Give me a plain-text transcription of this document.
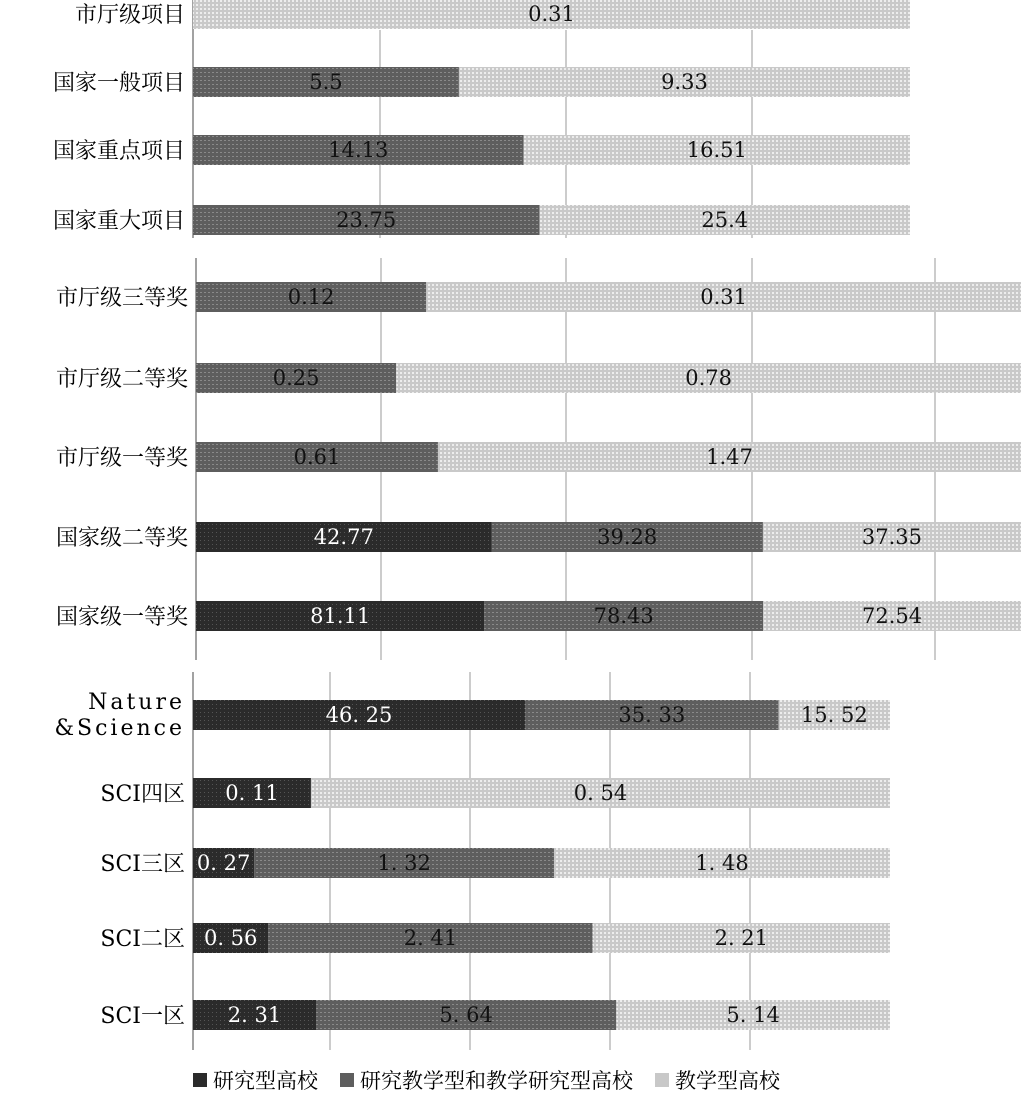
0.31
市厅级项目
5.5	9.33
国家一般项目
14.13	16.51
国家重点项目
23.75	25.4
国家重大项目
0.12	0.31
市厅级三等奖
0.25	0.78
市厅级二等奖
0.61	1.47
市厅级一等奖
42.77	39.28	37.35
国家级二等奖
81.11	78.43	72.54
国家级一等奖
46. 25	35. 33	15. 52
Nature &Science
0. 11	0. 54
SCI四区
0. 27	1. 32	1. 48
SCI三区
0. 56	2. 41	2. 21
SCI二区
2. 31	5. 64	5. 14
SCI一区
研究型高校 研究教学型和教学研究型高校 教学型高校
